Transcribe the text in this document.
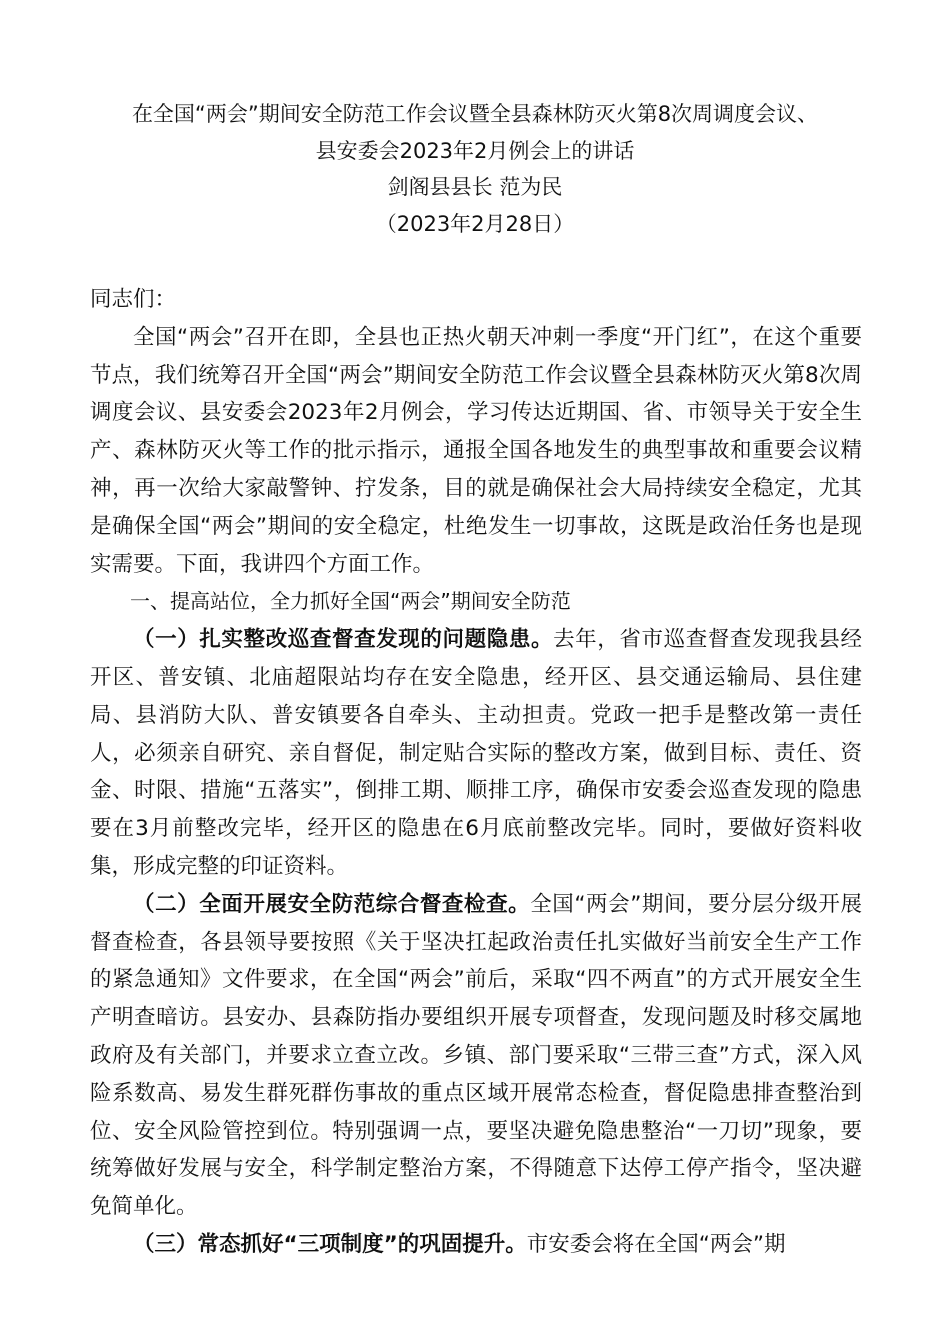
在全国“两会”期间安全防范工作会议暨全县森林防灭火第8次周调度会议、
县安委会2023年2月例会上的讲话
剑阁县县长 范为民
（2023年2月28日）
同志们：

全国“两会”召开在即，全县也正热火朝天冲刺一季度“开门红”，在这个重要节点，我们统筹召开全国“两会”期间安全防范工作会议暨全县森林防灭火第8次周调度会议、县安委会2023年2月例会，学习传达近期国、省、市领导关于安全生产、森林防灭火等工作的批示指示，通报全国各地发生的典型事故和重要会议精神，再一次给大家敲警钟、拧发条，目的就是确保社会大局持续安全稳定，尤其是确保全国“两会”期间的安全稳定，杜绝发生一切事故，这既是政治任务也是现实需要。下面，我讲四个方面工作。

一、提高站位，全力抓好全国“两会”期间安全防范

（一）扎实整改巡查督查发现的问题隐患。去年，省市巡查督查发现我县经开区、普安镇、北庙超限站均存在安全隐患，经开区、县交通运输局、县住建局、县消防大队、普安镇要各自牵头、主动担责。党政一把手是整改第一责任人，必须亲自研究、亲自督促，制定贴合实际的整改方案，做到目标、责任、资金、时限、措施“五落实”，倒排工期、顺排工序，确保市安委会巡查发现的隐患要在3月前整改完毕，经开区的隐患在6月底前整改完毕。同时，要做好资料收集，形成完整的印证资料。

（二）全面开展安全防范综合督查检查。全国“两会”期间，要分层分级开展督查检查，各县领导要按照《关于坚决扛起政治责任扎实做好当前安全生产工作的紧急通知》文件要求，在全国“两会”前后，采取“四不两直”的方式开展安全生产明查暗访。县安办、县森防指办要组织开展专项督查，发现问题及时移交属地政府及有关部门，并要求立查立改。乡镇、部门要采取“三带三查”方式，深入风险系数高、易发生群死群伤事故的重点区域开展常态检查，督促隐患排查整治到位、安全风险管控到位。特别强调一点，要坚决避免隐患整治“一刀切”现象，要统筹做好发展与安全，科学制定整治方案，不得随意下达停工停产指令，坚决避免简单化。

（三）常态抓好“三项制度”的巩固提升。市安委会将在全国“两会”期
